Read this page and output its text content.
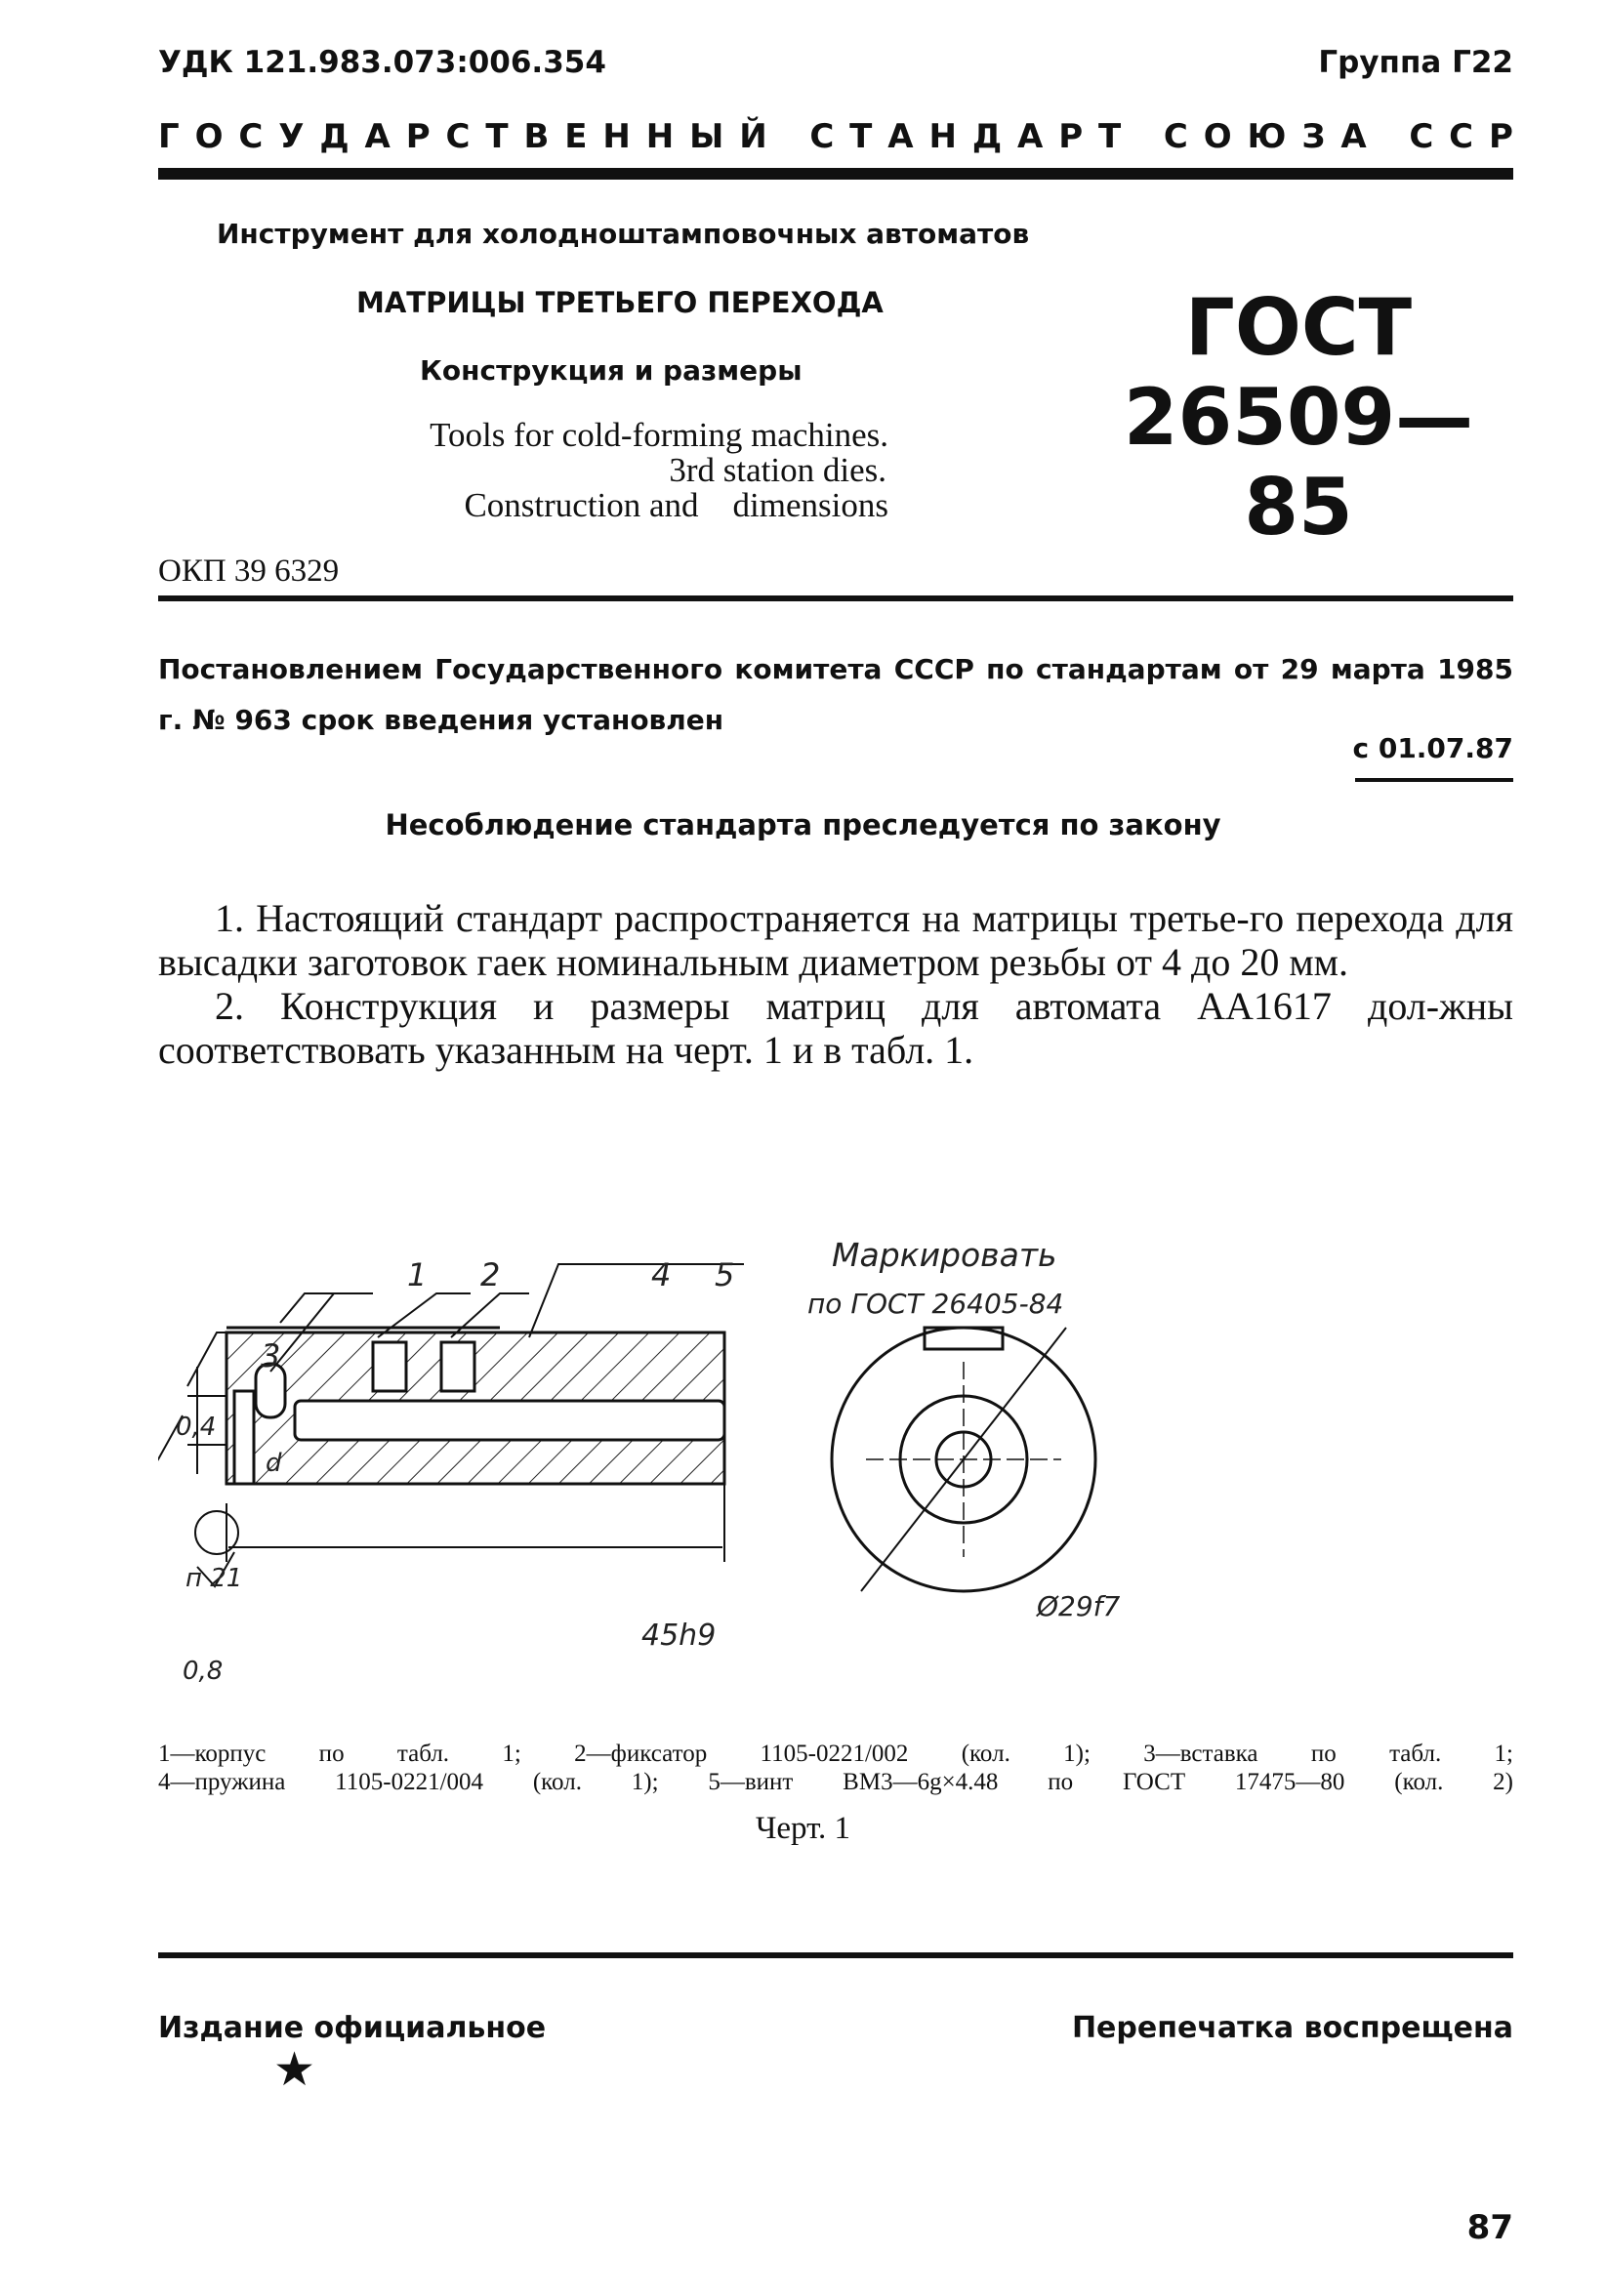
УДК 121.983.073:006.354	Группа Г22
Г О С У Д А Р С Т В Е Н Н Ы Й
С Т А Н Д А Р Т
С О Ю З А
С С Р
Инструмент для холодноштамповочных автоматов
МАТРИЦЫ ТРЕТЬЕГО ПЕРЕХОДА
Конструкция и размеры
Tools for cold-forming machines.
3rd station dies.
Construction and    dimensions
ГОСТ
26509—85
ОКП 39 6329
Постановлением Государственного комитета СССР по стандартам от 29 марта 1985 г. № 963 срок введения установлен
с 01.07.87
Несоблюдение стандарта преследуется по закону

1. Настоящий стандарт распространяется на матрицы третье-го перехода для высадки заготовок гаек номинальным диаметром резьбы от 4 до 20 мм.

2. Конструкция и размеры матриц для автомата АА1617 дол-жны соответствовать указанным на черт. 1 и в табл. 1.

1 2	4 5
3
Маркировать
по ГОСТ 26405-84
0,4
d
п 21
0,8
45h9
Ø29f7
1—корпус по табл. 1; 2—фиксатор 1105-0221/002 (кол. 1); 3—вставка по табл. 1;
4—пружина 1105-0221/004 (кол. 1); 5—винт ВМ3—6g×4.48 по ГОСТ 17475—80 (кол. 2)
Черт. 1
Издание официальное	Перепечатка воспрещена
★
87
